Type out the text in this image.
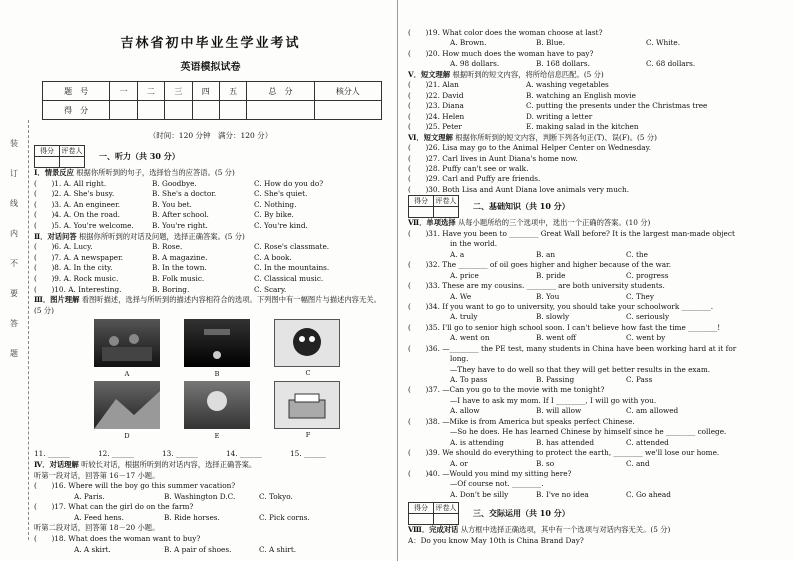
装
订
线
内
不
要
答
题
吉林省初中毕业生学业考试
英语模拟试卷
题　号	一	二	三	四	五	总　分	核分人
得　分							
（时间：120 分钟　满分：120 分）
得分	评卷人
	一、听力（共 30 分）
Ⅰ．情景反应 根据你所听到的句子，选择恰当的应答语。(5 分)
(　　)1. A. All right.	B. Goodbye.	C. How do you do?
(　　)2. A. She's busy.	B. She's a doctor.	C. She's quiet.
(　　)3. A. An engineer.	B. You bet.	C. Nothing.
(　　)4. A. On the road.	B. After school.	C. By bike.
(　　)5. A. You're welcome. B. You're right.	C. You're kind.
Ⅱ．对话问答 根据你所听到的对话及问题，选择正确答案。(5 分)
(　　)6. A. Lucy.	B. Rose.	C. Rose's classmate.
(　　)7. A. A newspaper.	B. A magazine.	C. A book.
(　　)8. A. In the city.	B. In the town.	C. In the mountains.
(　　)9. A. Rock music.	B. Folk music.	C. Classical music.
(　　)10. A. Interesting.	B. Boring.	C. Scary.
Ⅲ．图片理解 看图听描述，选择与所听到的描述内容相符合的选项。下列图中有一幅图片与描述内容无关。(5 分)
A	B	C
D	E	F
11. ______	12. ______	13. ______	14. ______	15. ______
Ⅳ．对话理解 听较长对话，根据所听到的对话内容，选择正确答案。
听第一段对话，回答第 16－17 小题。
(　　)16. Where will the boy go this summer vacation?
A. Paris.	B. Washington D.C.	C. Tokyo.
(　　)17. What can the girl do on the farm?
A. Feed hens.	B. Ride horses.	C. Pick corns.
听第二段对话，回答第 18－20 小题。
(　　)18. What does the woman want to buy?
A. A skirt.	B. A pair of shoes.	C. A shirt.
(　　)19. What color does the woman choose at last?
A. Brown.	B. Blue.	C. White.
(　　)20. How much does the woman have to pay?
A. 98 dollars.	B. 168 dollars.	C. 68 dollars.
Ⅴ．短文理解 根据听到的短文内容，将所给信息匹配。(5 分)
(　　)21. Alan	A. washing vegetables
(　　)22. David	B. watching an English movie
(　　)23. Diana	C. putting the presents under the Christmas tree
(　　)24. Helen	D. writing a letter
(　　)25. Peter	E. making salad in the kitchen
Ⅵ．短文理解 根据你所听到的短文内容，判断下列各句正(T)、误(F)。(5 分)
(　　)26. Lisa may go to the Animal Helper Center on Wednesday.
(　　)27. Carl lives in Aunt Diana's home now.
(　　)28. Puffy can't see or walk.
(　　)29. Carl and Puffy are friends.
(　　)30. Both Lisa and Aunt Diana love animals very much.
得分	评卷人
	二、基础知识（共 10 分）
Ⅶ．单项选择 从每小题所给的三个选项中，选出一个正确的答案。(10 分)
(　　)31. Have you been to ________ Great Wall before? It is the largest man-made object
in the world.
A. a	B. an	C. the
(　　)32. The ________ of oil goes higher and higher because of the war.
A. price	B. pride	C. progress
(　　)33. These are my cousins. ________ are both university students.
A. We	B. You	C. They
(　　)34. If you want to go to university, you should take your schoolwork ________.
A. truly	B. slowly	C. seriously
(　　)35. I'll go to senior high school soon. I can't believe how fast the time ________!
A. went on	B. went off	C. went by
(　　)36. —________ the PE test, many students in China have been working hard at it for
long.
—They have to do well so that they will get better results in the exam.
A. To pass	B. Passing	C. Pass
(　　)37. —Can you go to the movie with me tonight?
—I have to ask my mom. If I ________, I will go with you.
A. allow	B. will allow	C. am allowed
(　　)38. —Mike is from America but speaks perfect Chinese.
—So he does. He has learned Chinese by himself since he ________ college.
A. is attending	B. has attended	C. attended
(　　)39. We should do everything to protect the earth, ________ we'll lose our home.
A. or	B. so	C. and
(　　)40. —Would you mind my sitting here?
—Of course not. ________.
A. Don't be silly	B. I've no idea	C. Go ahead
得分	评卷人
	三、交际运用（共 10 分）
Ⅷ．完成对话 从方框中选择正确选项，其中有一个选项与对话内容无关。(5 分)
A：Do you know May 10th is China Brand Day?
